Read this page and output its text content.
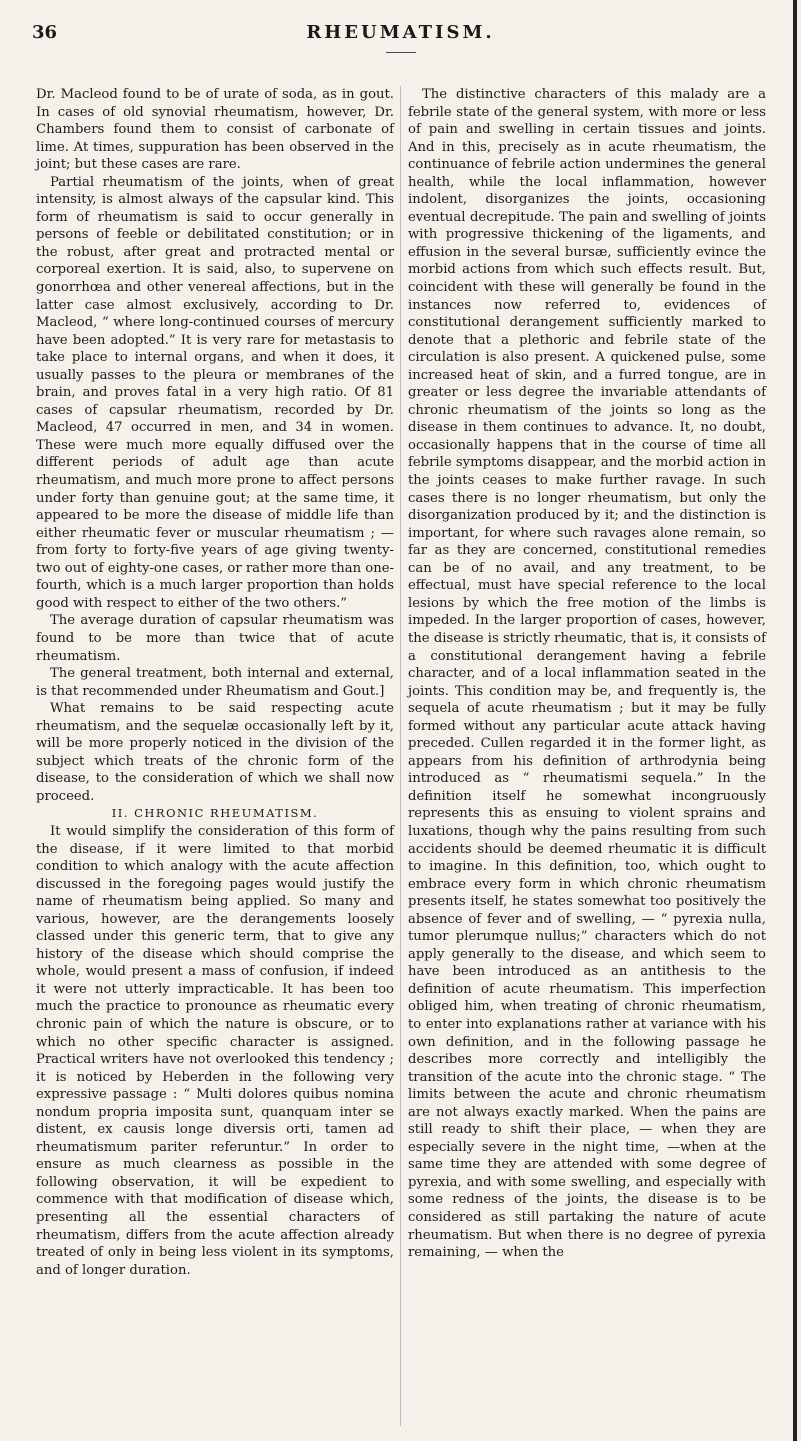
36	RHEUMATISM.

Dr. Macleod found to be of urate of soda, as in gout. In cases of old synovial rheumatism, however, Dr. Chambers found them to consist of carbonate of lime. At times, suppuration has been observed in the joint; but these cases are rare.

Partial rheumatism of the joints, when of great intensity, is almost always of the capsular kind. This form of rheumatism is said to occur generally in persons of feeble or debilitated constitution; or in the robust, after great and protracted mental or corporeal exertion. It is said, also, to supervene on gonorrhœa and other venereal affections, but in the latter case almost exclusively, according to Dr. Macleod, “ where long-continued courses of mercury have been adopted.” It is very rare for metastasis to take place to internal organs, and when it does, it usually passes to the pleura or membranes of the brain, and proves fatal in a very high ratio. Of 81 cases of capsular rheumatism, recorded by Dr. Macleod, 47 occurred in men, and 34 in women. These were much more equally diffused over the different periods of adult age than acute rheumatism, and much more prone to affect persons under forty than genuine gout; at the same time, it appeared to be more the disease of middle life than either rheumatic fever or muscular rheumatism ; — from forty to forty-five years of age giving twenty-two out of eighty-one cases, or rather more than one-fourth, which is a much larger proportion than holds good with respect to either of the two others.”

The average duration of capsular rheumatism was found to be more than twice that of acute rheumatism.

The general treatment, both internal and external, is that recommended under Rheumatism and Gout.]

What remains to be said respecting acute rheumatism, and the sequelæ occasionally left by it, will be more properly noticed in the division of the subject which treats of the chronic form of the disease, to the consideration of which we shall now proceed.

II. CHRONIC RHEUMATISM.

It would simplify the consideration of this form of the disease, if it were limited to that morbid condition to which analogy with the acute affection discussed in the foregoing pages would justify the name of rheumatism being applied. So many and various, however, are the derangements loosely classed under this generic term, that to give any history of the disease which should comprise the whole, would present a mass of confusion, if indeed it were not utterly impracticable. It has been too much the practice to pronounce as rheumatic every chronic pain of which the nature is obscure, or to which no other specific character is assigned. Practical writers have not overlooked this tendency ; it is noticed by Heberden in the following very expressive passage : “ Multi dolores quibus nomina nondum propria imposita sunt, quanquam inter se distent, ex causis longe diversis orti, tamen ad rheumatismum pariter referuntur.” In order to ensure as much clearness as possible in the following observation, it will be expedient to commence with that modification of disease which, presenting all the essential characters of rheumatism, differs from the acute affection already treated of only in being less violent in its symptoms, and of longer duration.

The distinctive characters of this malady are a febrile state of the general system, with more or less of pain and swelling in certain tissues and joints. And in this, precisely as in acute rheumatism, the continuance of febrile action undermines the general health, while the local inflammation, however indolent, disorganizes the joints, occasioning eventual decrepitude. The pain and swelling of joints with progressive thickening of the ligaments, and effusion in the several bursæ, sufficiently evince the morbid actions from which such effects result. But, coincident with these will generally be found in the instances now referred to, evidences of constitutional derangement sufficiently marked to denote that a plethoric and febrile state of the circulation is also present. A quickened pulse, some increased heat of skin, and a furred tongue, are in greater or less degree the invariable attendants of chronic rheumatism of the joints so long as the disease in them continues to advance. It, no doubt, occasionally happens that in the course of time all febrile symptoms disappear, and the morbid action in the joints ceases to make further ravage. In such cases there is no longer rheumatism, but only the disorganization produced by it; and the distinction is important, for where such ravages alone remain, so far as they are concerned, constitutional remedies can be of no avail, and any treatment, to be effectual, must have special reference to the local lesions by which the free motion of the limbs is impeded. In the larger proportion of cases, however, the disease is strictly rheumatic, that is, it consists of a constitutional derangement having a febrile character, and of a local inflammation seated in the joints. This condition may be, and frequently is, the sequela of acute rheumatism ; but it may be fully formed without any particular acute attack having preceded. Cullen regarded it in the former light, as appears from his definition of arthrodynia being introduced as “ rheumatismi sequela.” In the definition itself he somewhat incongruously represents this as ensuing to violent sprains and luxations, though why the pains resulting from such accidents should be deemed rheumatic it is difficult to imagine. In this definition, too, which ought to embrace every form in which chronic rheumatism presents itself, he states somewhat too positively the absence of fever and of swelling, — “ pyrexia nulla, tumor plerumque nullus;” characters which do not apply generally to the disease, and which seem to have been introduced as an antithesis to the definition of acute rheumatism. This imperfection obliged him, when treating of chronic rheumatism, to enter into explanations rather at variance with his own definition, and in the following passage he describes more correctly and intelligibly the transition of the acute into the chronic stage. “ The limits between the acute and chronic rheumatism are not always exactly marked. When the pains are still ready to shift their place, — when they are especially severe in the night time, —when at the same time they are attended with some degree of pyrexia, and with some swelling, and especially with some redness of the joints, the disease is to be considered as still partaking the nature of acute rheumatism. But when there is no degree of pyrexia remaining, — when the
